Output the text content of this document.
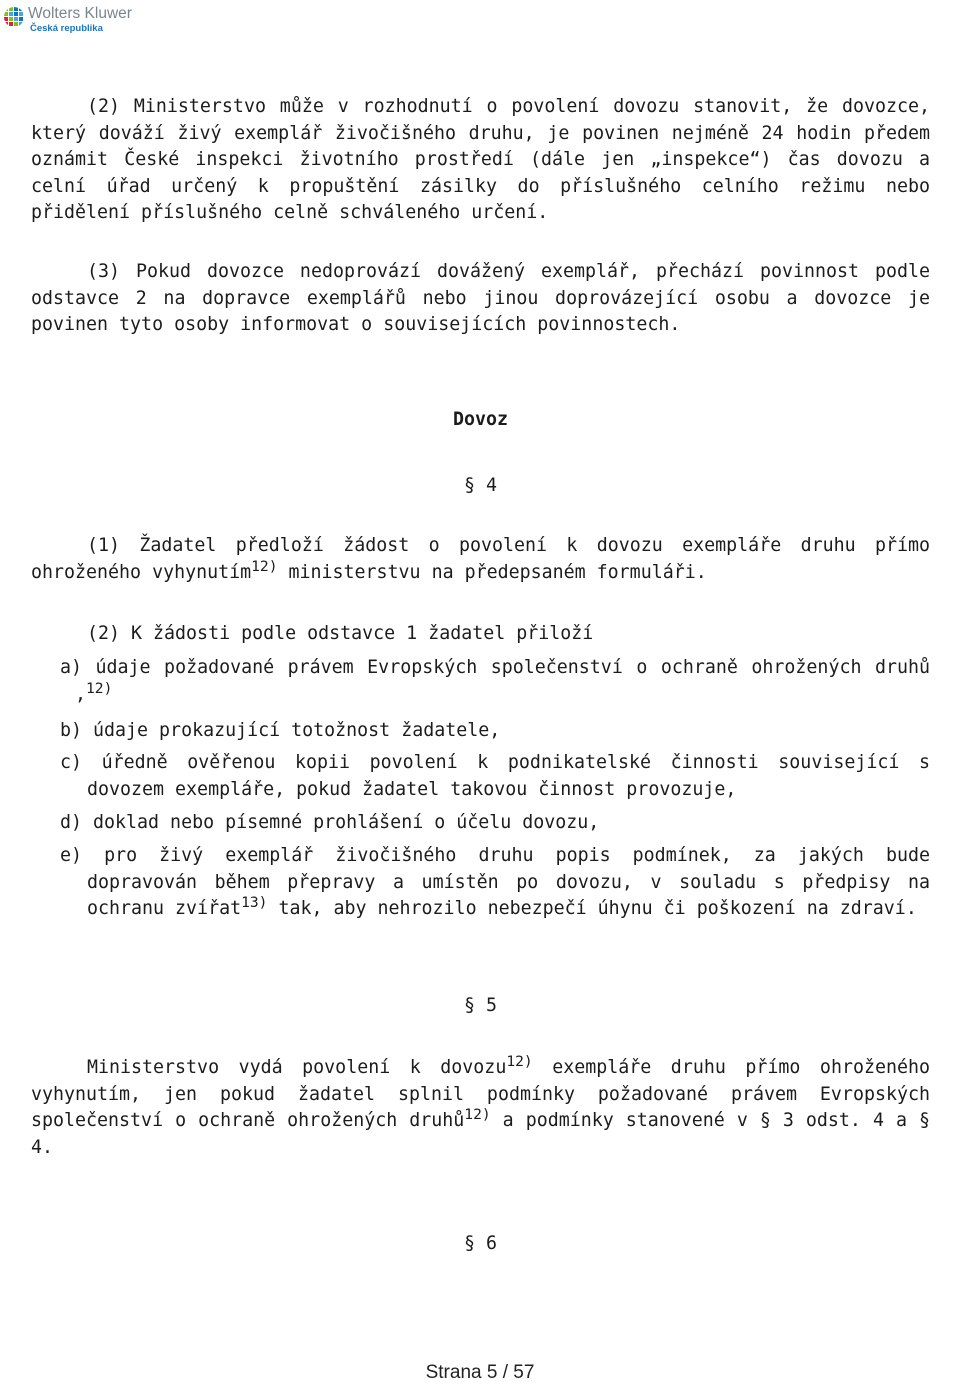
Wolters Kluwer
Česká republika
(2) Ministerstvo může v rozhodnutí o povolení dovozu stanovit, že dovozce,
který dováží živý exemplář živočišného druhu, je povinen nejméně 24 hodin předem
oznámit České inspekci životního prostředí (dále jen „inspekce“) čas dovozu a
celní úřad určený k propuštění zásilky do příslušného celního režimu nebo
přidělení příslušného celně schváleného určení.
(3) Pokud dovozce nedoprovází dovážený exemplář, přechází povinnost podle
odstavce 2 na dopravce exemplářů nebo jinou doprovázející osobu a dovozce je
povinen tyto osoby informovat o souvisejících povinnostech.
Dovoz
§ 4
(1) Žadatel předloží žádost o povolení k dovozu exempláře druhu přímo
ohroženého vyhynutím$^{12)}$ ministerstvu na předepsaném formuláři.
(2) K žádosti podle odstavce 1 žadatel přiloží
a) údaje požadované právem Evropských společenství o ochraně ohrožených druhů
,$^{12)}$
b) údaje prokazující totožnost žadatele,
c) úředně ověřenou kopii povolení k podnikatelské činnosti související s
dovozem exempláře, pokud žadatel takovou činnost provozuje,
d) doklad nebo písemné prohlášení o účelu dovozu,
e) pro živý exemplář živočišného druhu popis podmínek, za jakých bude
dopravován během přepravy a umístěn po dovozu, v souladu s předpisy na
ochranu zvířat$^{13)}$ tak, aby nehrozilo nebezpečí úhynu či poškození na zdraví.
§ 5
Ministerstvo vydá povolení k dovozu$^{12)}$ exempláře druhu přímo ohroženého
vyhynutím, jen pokud žadatel splnil podmínky požadované právem Evropských
společenství o ochraně ohrožených druhů$^{12)}$ a podmínky stanovené v § 3 odst. 4 a §
4.
§ 6
Strana 5 / 57
